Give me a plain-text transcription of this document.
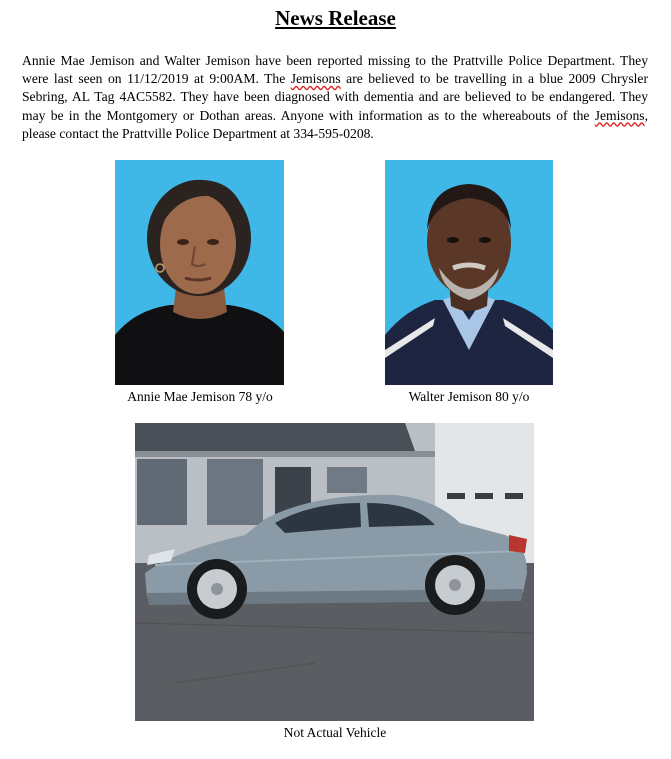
News Release
Annie Mae Jemison and Walter Jemison have been reported missing to the Prattville Police Department. They were last seen on 11/12/2019 at 9:00AM. The Jemisons are believed to be travelling in a blue 2009 Chrysler Sebring, AL Tag 4AC5582. They have been diagnosed with dementia and are believed to be endangered. They may be in the Montgomery or Dothan areas. Anyone with information as to the whereabouts of the Jemisons, please contact the Prattville Police Department at 334-595-0208.
Annie Mae Jemison 78 y/o	Walter Jemison 80 y/o
Not Actual Vehicle
